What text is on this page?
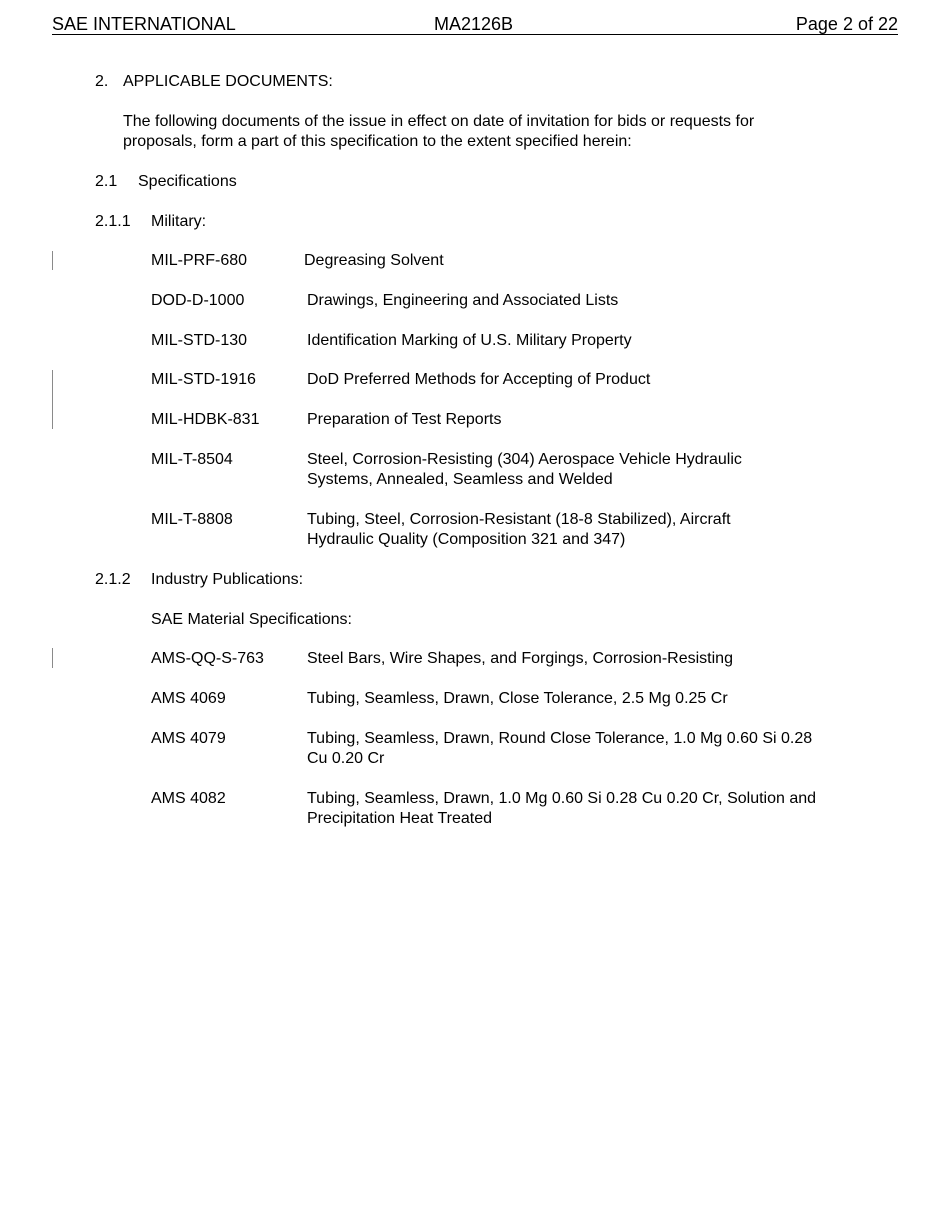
SAE INTERNATIONAL	MA2126B	Page 2 of 22
2. APPLICABLE DOCUMENTS:
The following documents of the issue in effect on date of invitation for bids or requests for proposals, form a part of this specification to the extent specified herein:
2.1 Specifications
2.1.1 Military:
MIL-PRF-680	Degreasing Solvent
DOD-D-1000	Drawings, Engineering and Associated Lists
MIL-STD-130	Identification Marking of U.S. Military Property
MIL-STD-1916	DoD Preferred Methods for Accepting of Product
MIL-HDBK-831	Preparation of Test Reports
MIL-T-8504	Steel, Corrosion-Resisting (304) Aerospace Vehicle Hydraulic Systems, Annealed, Seamless and Welded
MIL-T-8808	Tubing, Steel, Corrosion-Resistant (18-8 Stabilized), Aircraft Hydraulic Quality (Composition 321 and 347)
2.1.2 Industry Publications:
SAE Material Specifications:
AMS-QQ-S-763	Steel Bars, Wire Shapes, and Forgings, Corrosion-Resisting
AMS 4069	Tubing, Seamless, Drawn, Close Tolerance, 2.5 Mg 0.25 Cr
AMS 4079	Tubing, Seamless, Drawn, Round Close Tolerance, 1.0 Mg 0.60 Si 0.28 Cu 0.20 Cr
AMS 4082	Tubing, Seamless, Drawn, 1.0 Mg 0.60 Si 0.28 Cu 0.20 Cr, Solution and Precipitation Heat Treated
